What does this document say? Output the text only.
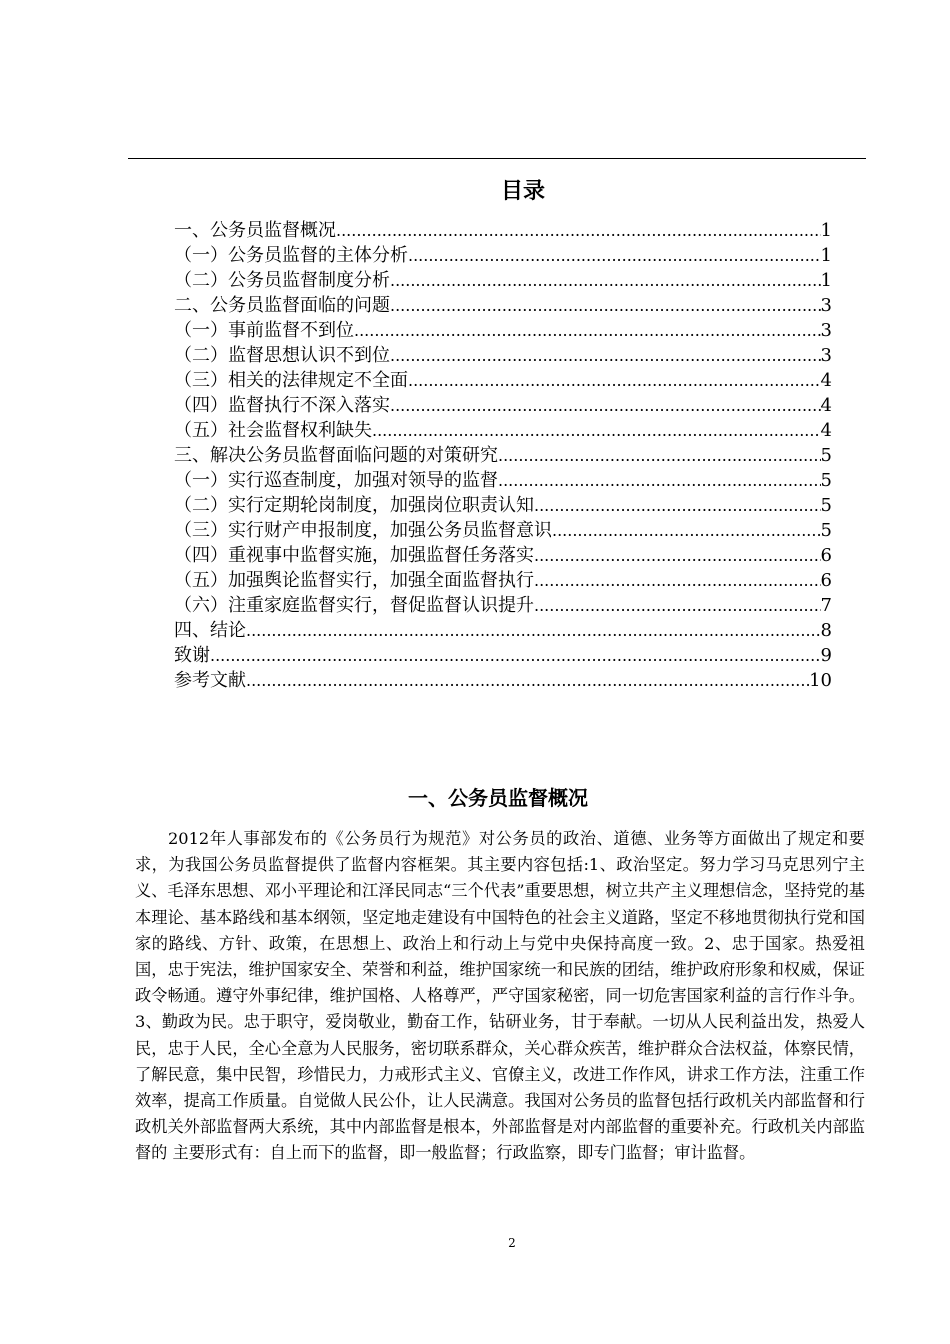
目录
一、公务员监督概况 .....	1
（一）公务员监督的主体分析 .....	1
（二）公务员监督制度分析 .....	1
二、公务员监督面临的问题 .....	3
（一）事前监督不到位 .....	3
（二）监督思想认识不到位 .....	3
（三）相关的法律规定不全面 .....	4
（四）监督执行不深入落实 .....	4
（五）社会监督权利缺失 .....	4
三、解决公务员监督面临问题的对策研究 .....	5
（一）实行巡查制度，加强对领导的监督 .....	5
（二）实行定期轮岗制度，加强岗位职责认知 .....	5
（三）实行财产申报制度，加强公务员监督意识 .....	5
（四）重视事中监督实施，加强监督任务落实 .....	6
（五）加强舆论监督实行，加强全面监督执行 .....	6
（六）注重家庭监督实行，督促监督认识提升 .....	7
四、结论 .....	8
致谢 .....	9
参考文献 .....	10
一、公务员监督概况

2012年人事部发布的《公务员行为规范》对公务员的政治、道德、业务等方面做出了规定和要求，为我国公务员监督提供了监督内容框架。其主要内容包括:1、政治坚定。努力学习马克思列宁主义、毛泽东思想、邓小平理论和江泽民同志“三个代表”重要思想，树立共产主义理想信念，坚持党的基本理论、基本路线和基本纲领，坚定地走建设有中国特色的社会主义道路，坚定不移地贯彻执行党和国家的路线、方针、政策，在思想上、政治上和行动上与党中央保持高度一致。2、忠于国家。热爱祖国，忠于宪法，维护国家安全、荣誉和利益，维护国家统一和民族的团结，维护政府形象和权威，保证政令畅通。遵守外事纪律，维护国格、人格尊严，严守国家秘密，同一切危害国家利益的言行作斗争。3、勤政为民。忠于职守，爱岗敬业，勤奋工作，钻研业务，甘于奉献。一切从人民利益出发，热爱人民，忠于人民，全心全意为人民服务，密切联系群众，关心群众疾苦，维护群众合法权益，体察民情，了解民意，集中民智，珍惜民力，力戒形式主义、官僚主义，改进工作作风，讲求工作方法，注重工作效率，提高工作质量。自觉做人民公仆，让人民满意。我国对公务员的监督包括行政机关内部监督和行政机关外部监督两大系统，其中内部监督是根本，外部监督是对内部监督的重要补充。行政机关内部监督的 主要形式有：自上而下的监督，即一般监督；行政监察，即专门监督；审计监督。

2
